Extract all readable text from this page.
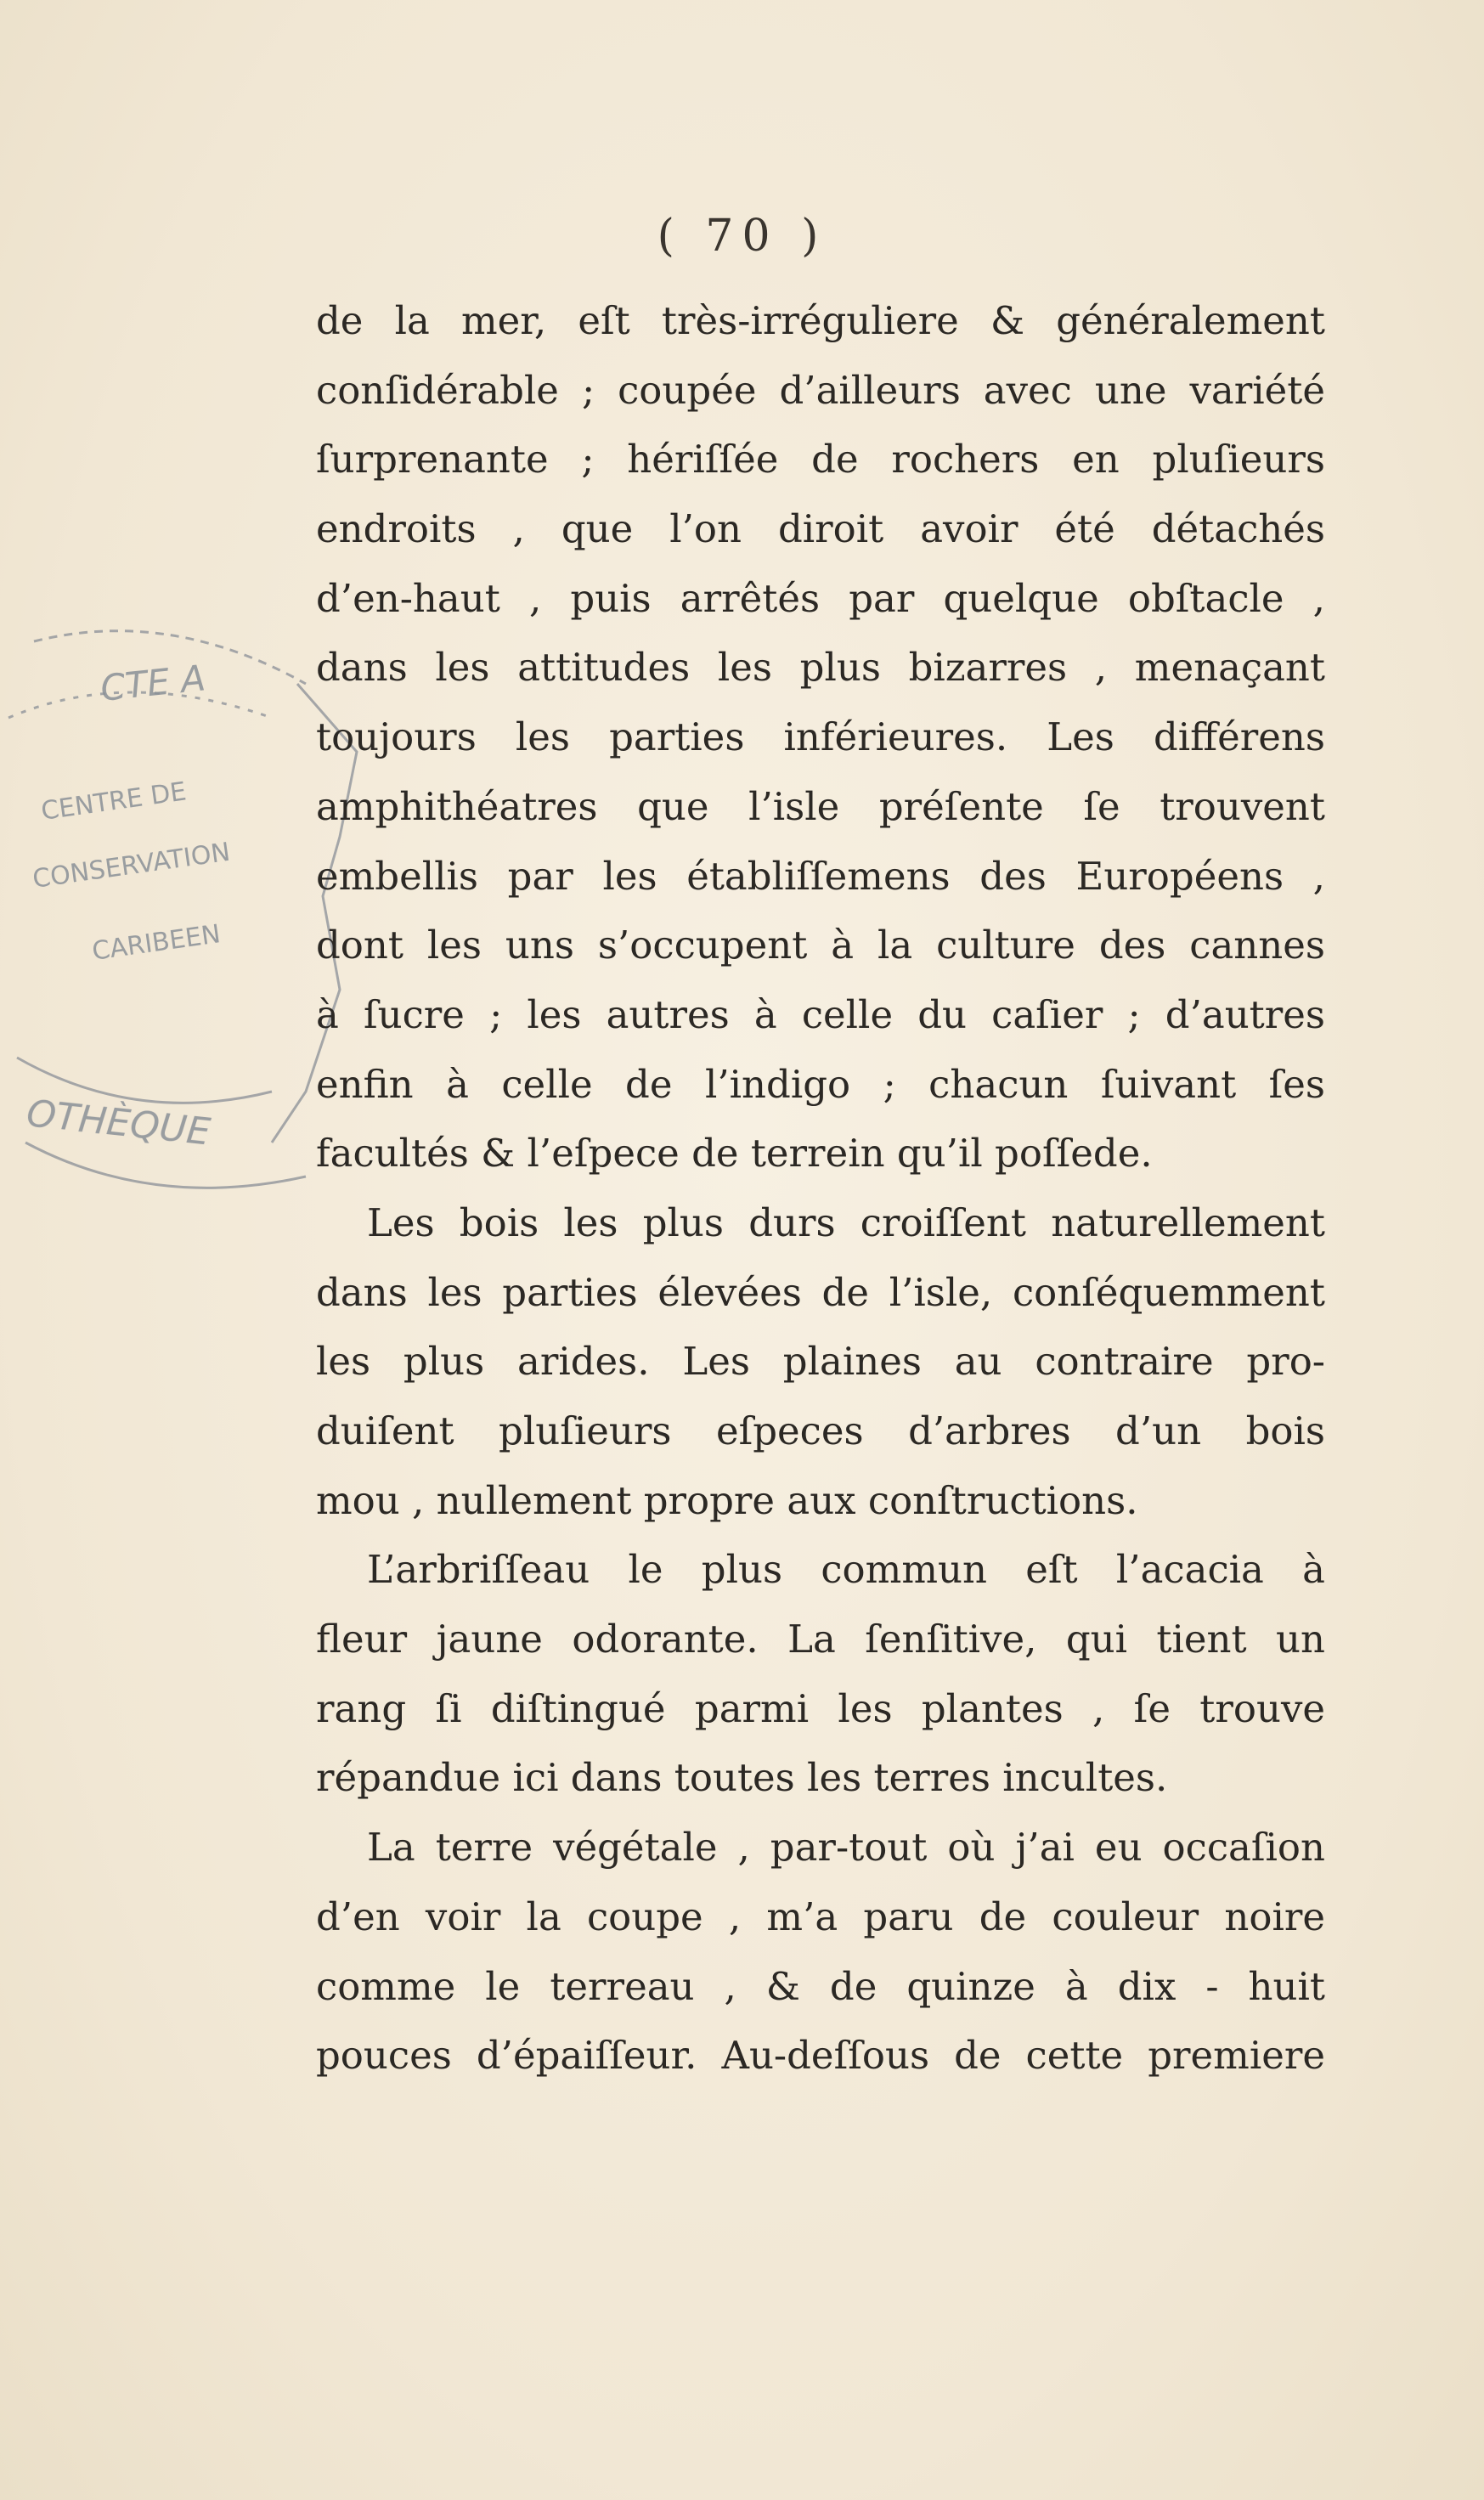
( 70 )
CTE A
CENTRE DE
CONSERVATION
CARIBEEN
OTHÈQUE
de la mer, eſt très-irréguliere & généralement
conſidérable ; coupée d’ailleurs avec une variété
ſurprenante ; hériſſée de rochers en pluſieurs
endroits , que l’on diroit avoir été détachés
d’en-haut , puis arrêtés par quelque obſtacle ,
dans les attitudes les plus bizarres , menaçant
toujours les parties inférieures. Les différens
amphithéatres que l’isle préſente ſe trouvent
embellis par les établiſſemens des Européens ,
dont les uns s’occupent à la culture des cannes
à ſucre ; les autres à celle du caſier ; d’autres
enfin à celle de l’indigo ; chacun ſuivant ſes
facultés & l’eſpece de terrein qu’il poſſede.
Les bois les plus durs croiſſent naturellement
dans les parties élevées de l’isle, conſéquemment
les plus arides. Les plaines au contraire pro-
duiſent pluſieurs eſpeces d’arbres d’un bois
mou , nullement propre aux conſtructions.
L’arbriſſeau le plus commun eſt l’acacia à
fleur jaune odorante. La ſenſitive, qui tient un
rang ſi diſtingué parmi les plantes , ſe trouve
répandue ici dans toutes les terres incultes.
La terre végétale , par-tout où j’ai eu occaſion
d’en voir la coupe , m’a paru de couleur noire
comme le terreau , & de quinze à dix - huit
pouces d’épaiſſeur. Au-deſſous de cette premiere
